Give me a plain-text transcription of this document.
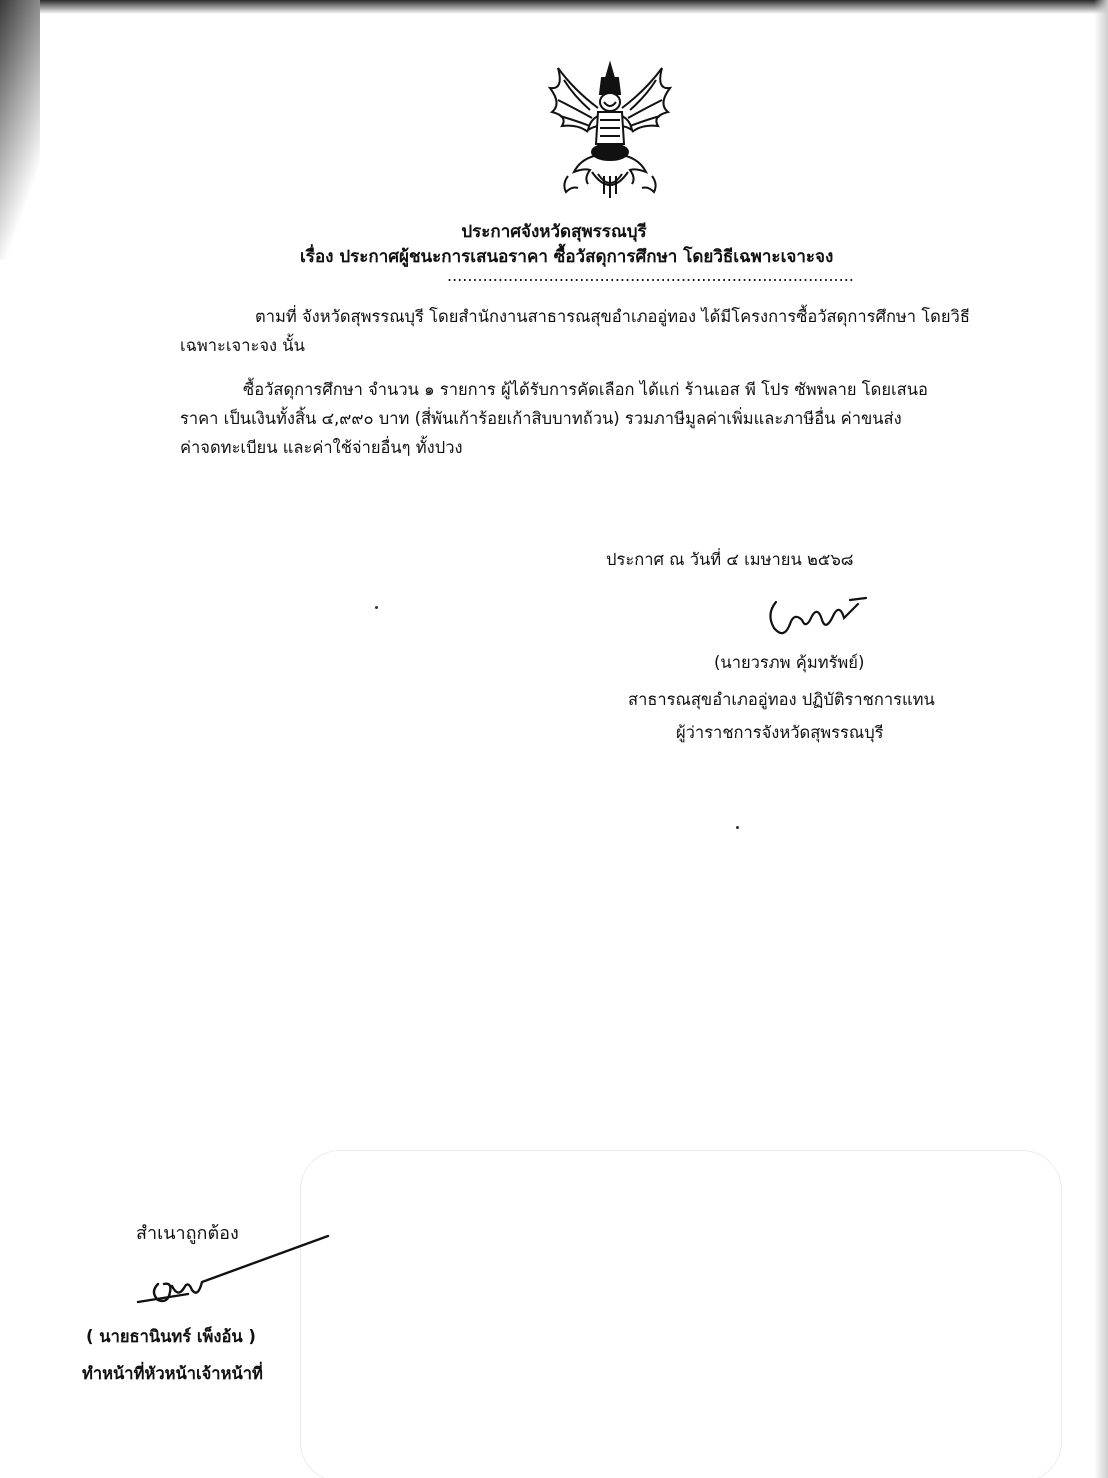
ประกาศจังหวัดสุพรรณบุรี
เรื่อง ประกาศผู้ชนะการเสนอราคา ซื้อวัสดุการศึกษา โดยวิธีเฉพาะเจาะจง
................................................................................
ตามที่ จังหวัดสุพรรณบุรี โดยสำนักงานสาธารณสุขอำเภออู่ทอง ได้มีโครงการซื้อวัสดุการศึกษา โดยวิธี
เฉพาะเจาะจง นั้น
ซื้อวัสดุการศึกษา จำนวน ๑ รายการ ผู้ได้รับการคัดเลือก ได้แก่ ร้านเอส พี โปร ซัพพลาย โดยเสนอ
ราคา เป็นเงินทั้งสิ้น ๔,๙๙๐ บาท (สี่พันเก้าร้อยเก้าสิบบาทถ้วน) รวมภาษีมูลค่าเพิ่มและภาษีอื่น ค่าขนส่ง
ค่าจดทะเบียน และค่าใช้จ่ายอื่นๆ ทั้งปวง
ประกาศ ณ วันที่ ๔ เมษายน ๒๕๖๘
(นายวรภพ คุ้มทรัพย์)
สาธารณสุขอำเภออู่ทอง ปฏิบัติราชการแทน
ผู้ว่าราชการจังหวัดสุพรรณบุรี
สำเนาถูกต้อง
( นายธานินทร์ เพ็งอ้น )
ทำหน้าที่หัวหน้าเจ้าหน้าที่
